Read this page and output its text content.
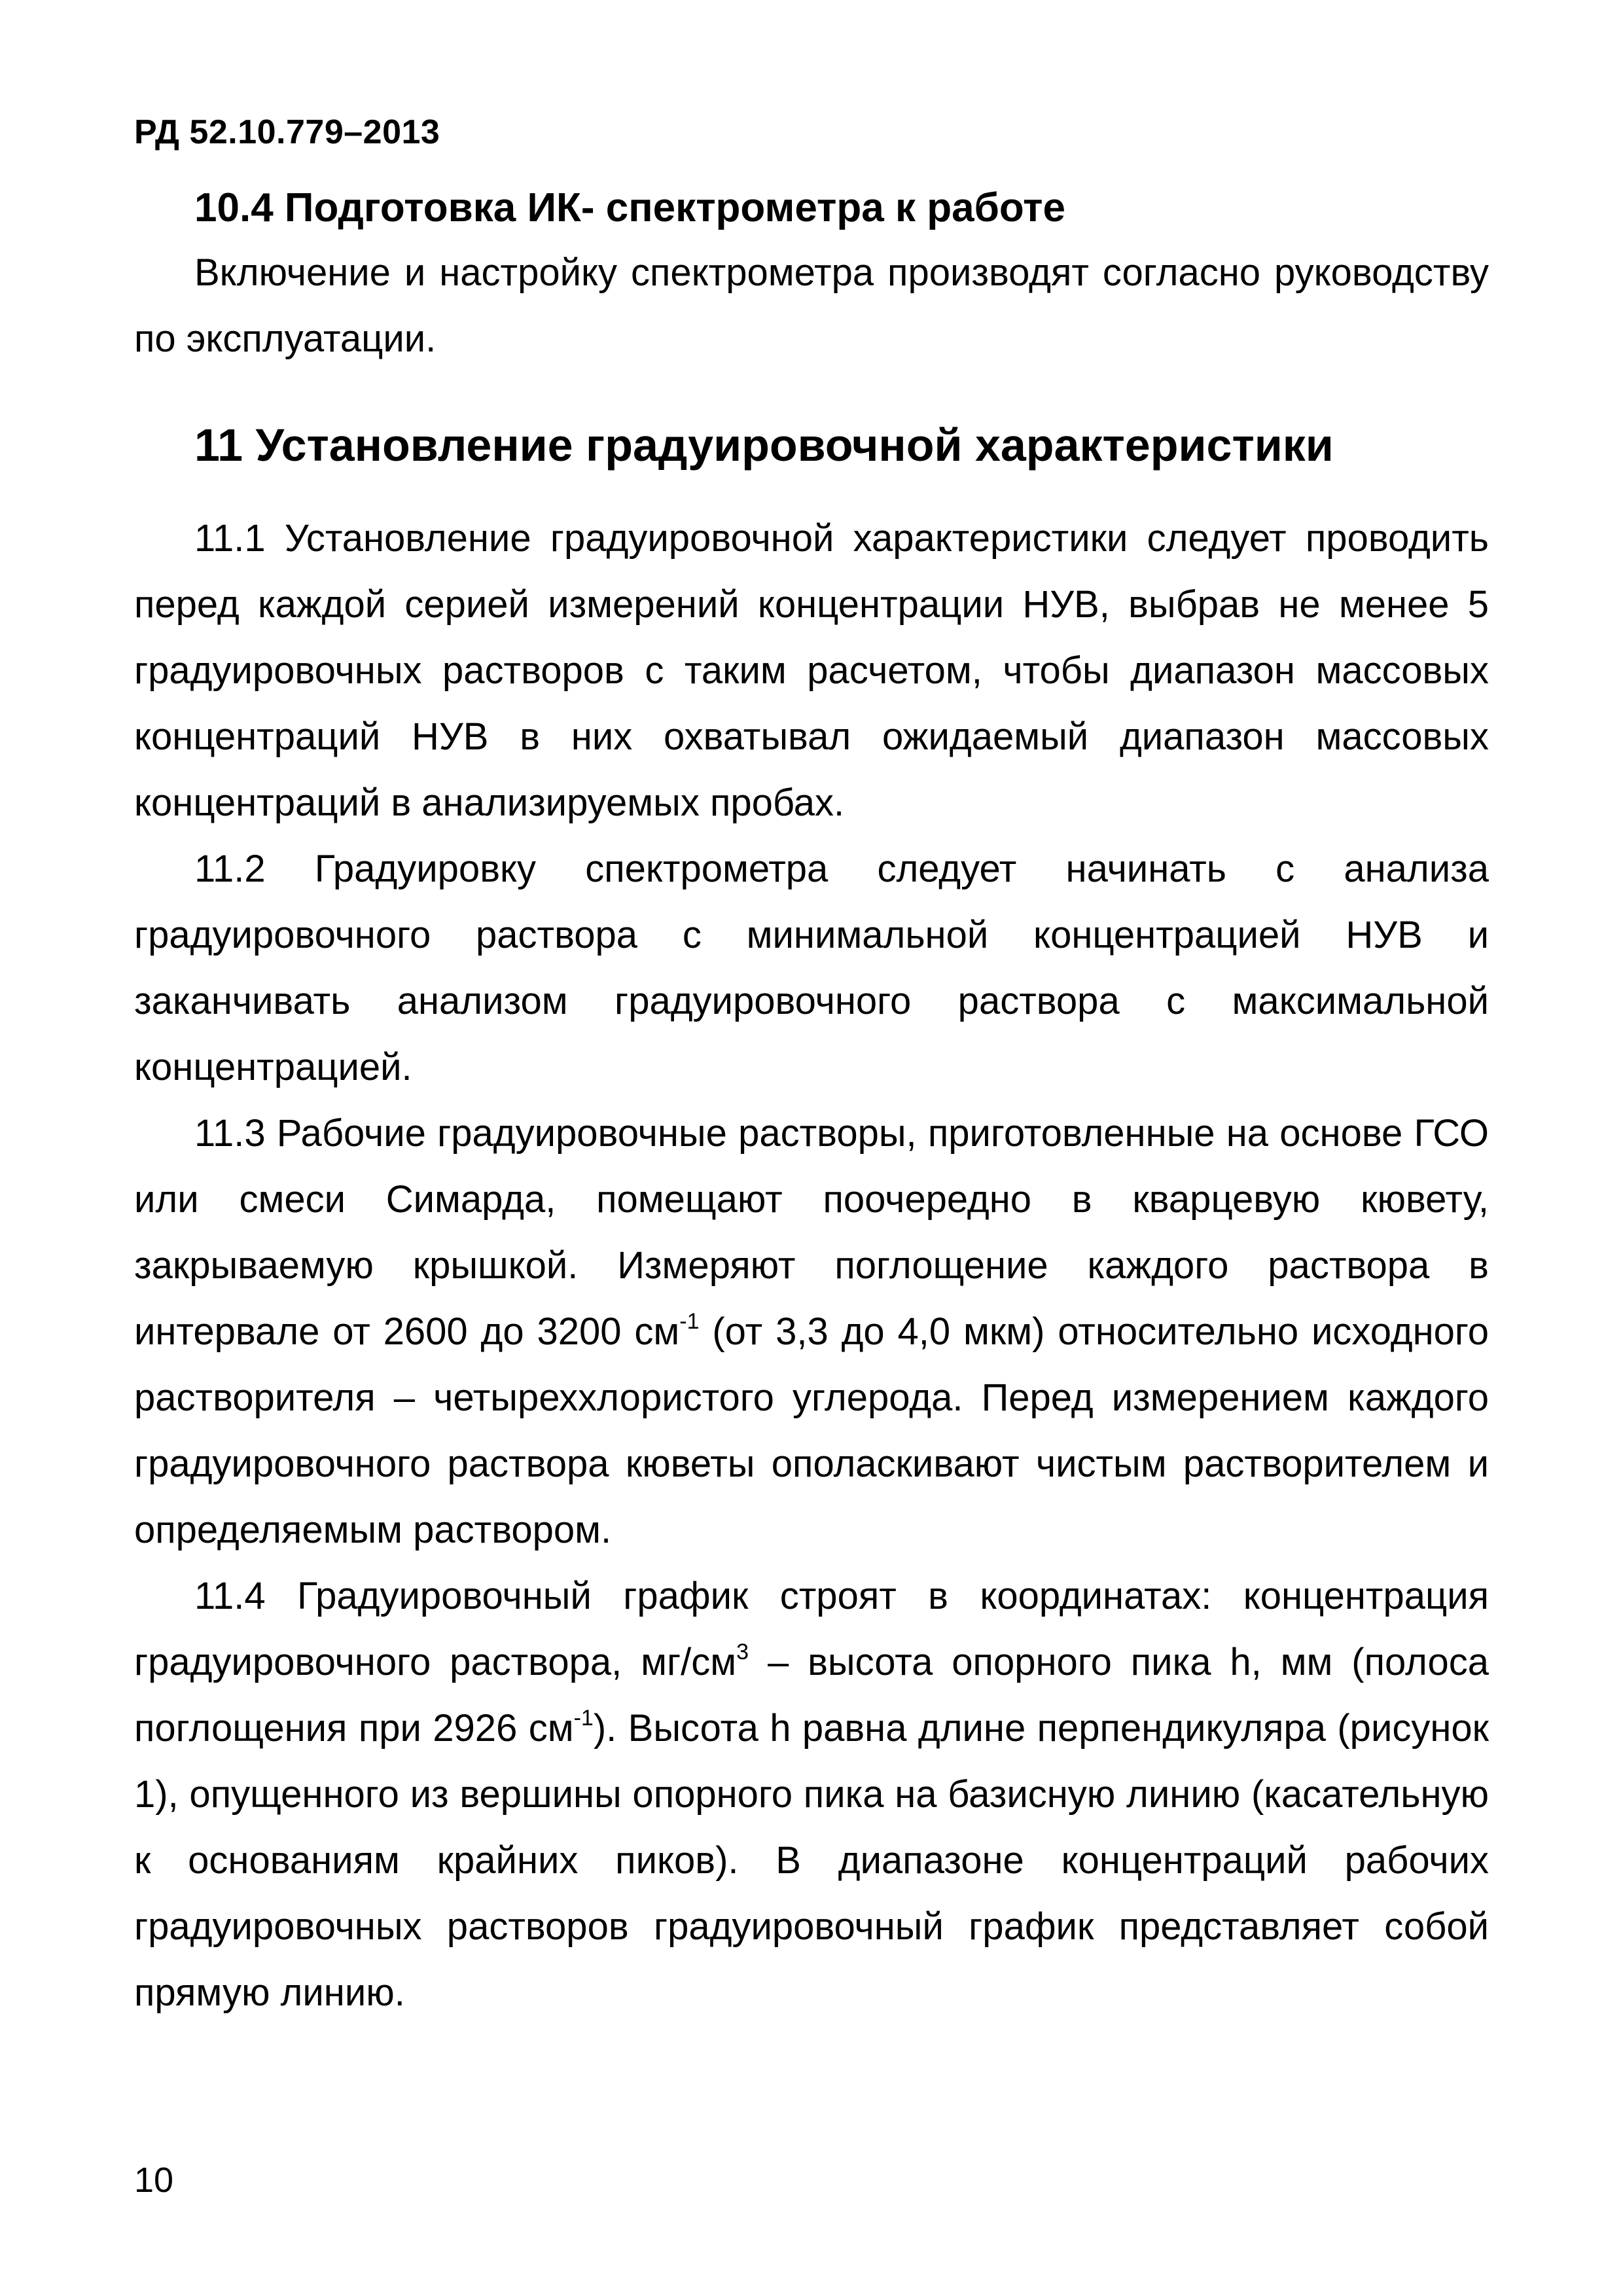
РД 52.10.779–2013
10.4 Подготовка ИК- спектрометра к работе

Включение и настройку спектрометра производят согласно руководству по эксплуатации.

11 Установление градуировочной характеристики

11.1 Установление градуировочной характеристики следует проводить перед каждой серией измерений концентрации НУВ, выбрав не менее 5 градуировочных растворов с таким расчетом, чтобы диапазон массовых концентраций НУВ в них охватывал ожидаемый диапазон массовых концентраций в анализируемых пробах.

11.2 Градуировку спектрометра следует начинать с анализа градуировочного раствора с минимальной концентрацией НУВ и заканчивать анализом градуировочного раствора с максимальной концентрацией.

11.3 Рабочие градуировочные растворы, приготовленные на основе ГСО или смеси Симарда, помещают поочередно в кварцевую кювету, закрываемую крышкой. Измеряют поглощение каждого раствора в интервале от 2600 до 3200 $см^{-1}$ (от 3,3 до 4,0 мкм) относительно исходного растворителя – четыреххлористого углерода. Перед измерением каждого градуировочного раствора кюветы ополаскивают чистым растворителем и определяемым раствором.

11.4 Градуировочный график строят в координатах: концентрация градуировочного раствора, $мг/см^3$ – высота опорного пика h, мм (полоса поглощения при 2926 $см^{-1}$). Высота h равна длине перпендикуляра (рисунок 1), опущенного из вершины опорного пика на базисную линию (касательную к основаниям крайних пиков). В диапазоне концентраций рабочих градуировочных растворов градуировочный график представляет собой прямую линию.

10
